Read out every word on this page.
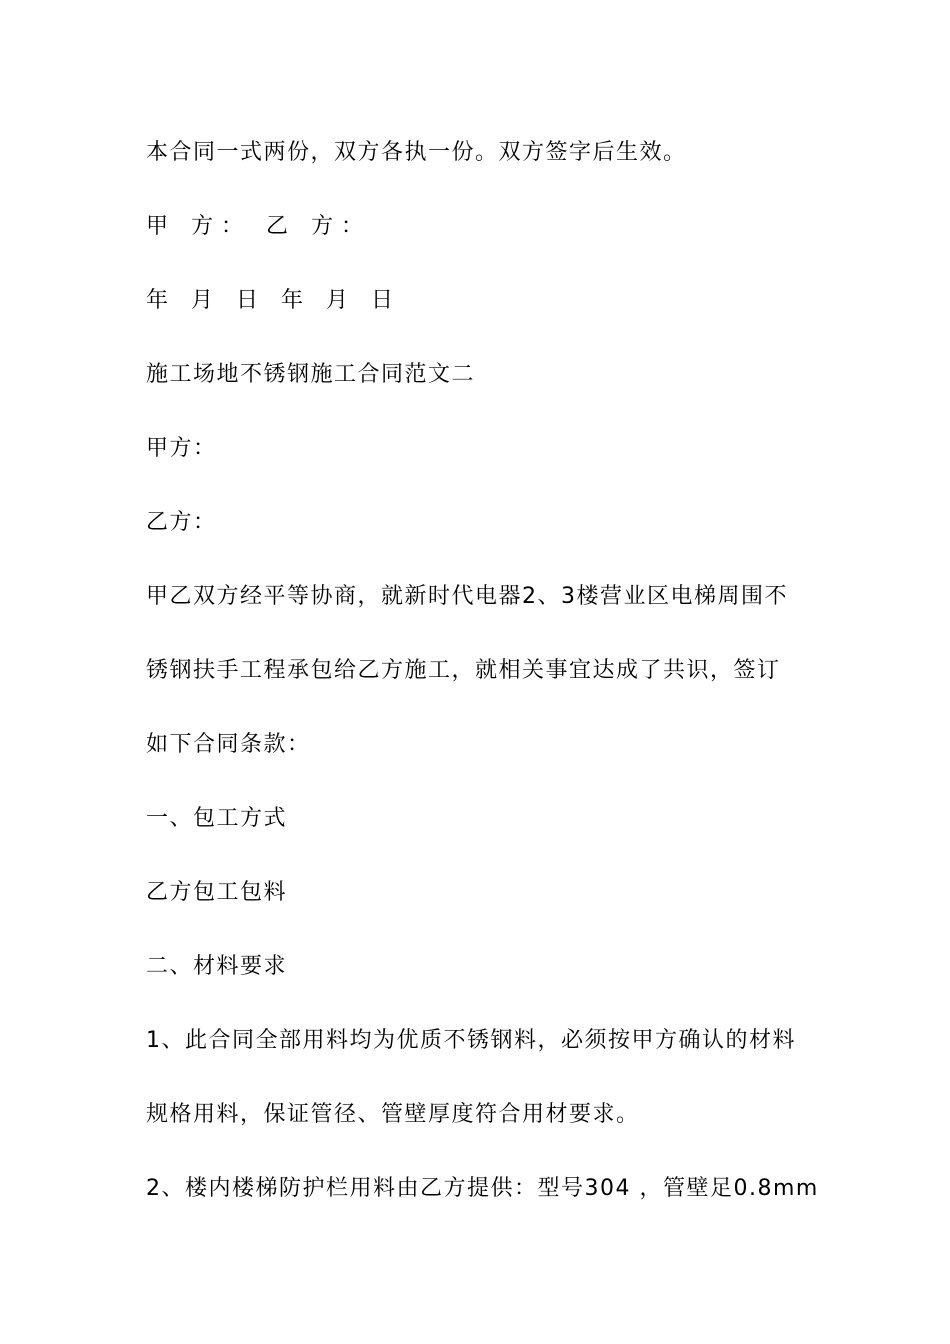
本合同一式两份，双方各执一份。双方签字后生效。
甲 方： 乙 方：
年 月 日 年 月 日
施工场地不锈钢施工合同范文二
甲方：
乙方：
甲乙双方经平等协商，就新时代电器2、3楼营业区电梯周围不
锈钢扶手工程承包给乙方施工，就相关事宜达成了共识，签订
如下合同条款：
一、包工方式
乙方包工包料
二、材料要求
1、此合同全部用料均为优质不锈钢料，必须按甲方确认的材料
规格用料，保证管径、管壁厚度符合用材要求。
2、楼内楼梯防护栏用料由乙方提供：型号304 ，管壁足0.8mm
